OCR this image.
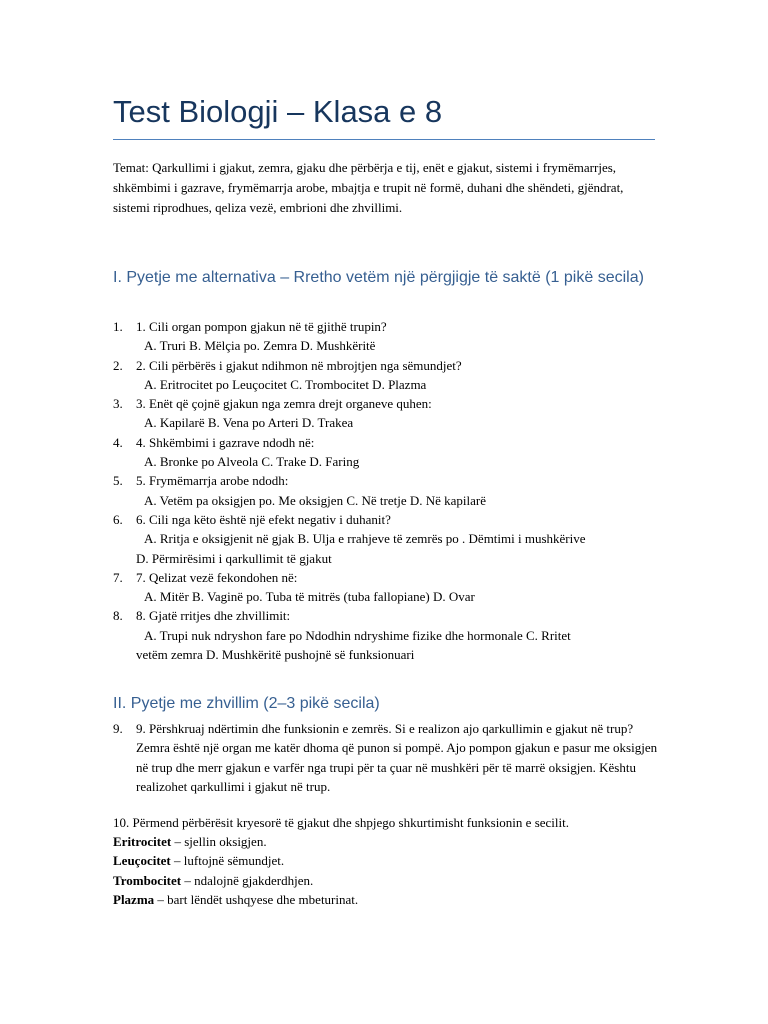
Test Biologji – Klasa e 8

Temat: Qarkullimi i gjakut, zemra, gjaku dhe përbërja e tij, enët e gjakut, sistemi i frymëmarrjes, shkëmbimi i gazrave, frymëmarrja arobe, mbajtja e trupit në formë, duhani dhe shëndeti, gjëndrat, sistemi riprodhues, qeliza vezë, embrioni dhe zhvillimi.

I. Pyetje me alternativa – Rretho vetëm një përgjigje të saktë (1 pikë secila)
1.	1. Cili organ pompon gjakun në të gjithë trupin?
A. Truri B. Mëlçia po. Zemra D. Mushkëritë
2.	2. Cili përbërës i gjakut ndihmon në mbrojtjen nga sëmundjet?
A. Eritrocitet po Leuçocitet C. Trombocitet D. Plazma
3.	3. Enët që çojnë gjakun nga zemra drejt organeve quhen:
A. Kapilarë B. Vena po Arteri D. Trakea
4.	4. Shkëmbimi i gazrave ndodh në:
A. Bronke po Alveola C. Trake D. Faring
5.	5. Frymëmarrja arobe ndodh:
A. Vetëm pa oksigjen po. Me oksigjen C. Në tretje D. Në kapilarë
6.	6. Cili nga këto është një efekt negativ i duhanit?
A. Rritja e oksigjenit në gjak B. Ulja e rrahjeve të zemrës po . Dëmtimi i mushkërive
D. Përmirësimi i qarkullimit të gjakut
7.	7. Qelizat vezë fekondohen në:
A. Mitër B. Vaginë po. Tuba të mitrës (tuba fallopiane) D. Ovar
8.	8. Gjatë rritjes dhe zhvillimit:
A. Trupi nuk ndryshon fare po Ndodhin ndryshime fizike dhe hormonale C. Rritet
vetëm zemra D. Mushkëritë pushojnë së funksionuari
II. Pyetje me zhvillim (2–3 pikë secila)
9.	9. Përshkruaj ndërtimin dhe funksionin e zemrës. Si e realizon ajo qarkullimin e gjakut në trup? Zemra është një organ me katër dhoma që punon si pompë. Ajo pompon gjakun e pasur me oksigjen në trup dhe merr gjakun e varfër nga trupi për ta çuar në mushkëri për të marrë oksigjen. Kështu realizohet qarkullimi i gjakut në trup.

10. Përmend përbërësit kryesorë të gjakut dhe shpjego shkurtimisht funksionin e secilit.

Eritrocitet – sjellin oksigjen.
Leuçocitet – luftojnë sëmundjet.
Trombocitet – ndalojnë gjakderdhjen.
Plazma – bart lëndët ushqyese dhe mbeturinat.
